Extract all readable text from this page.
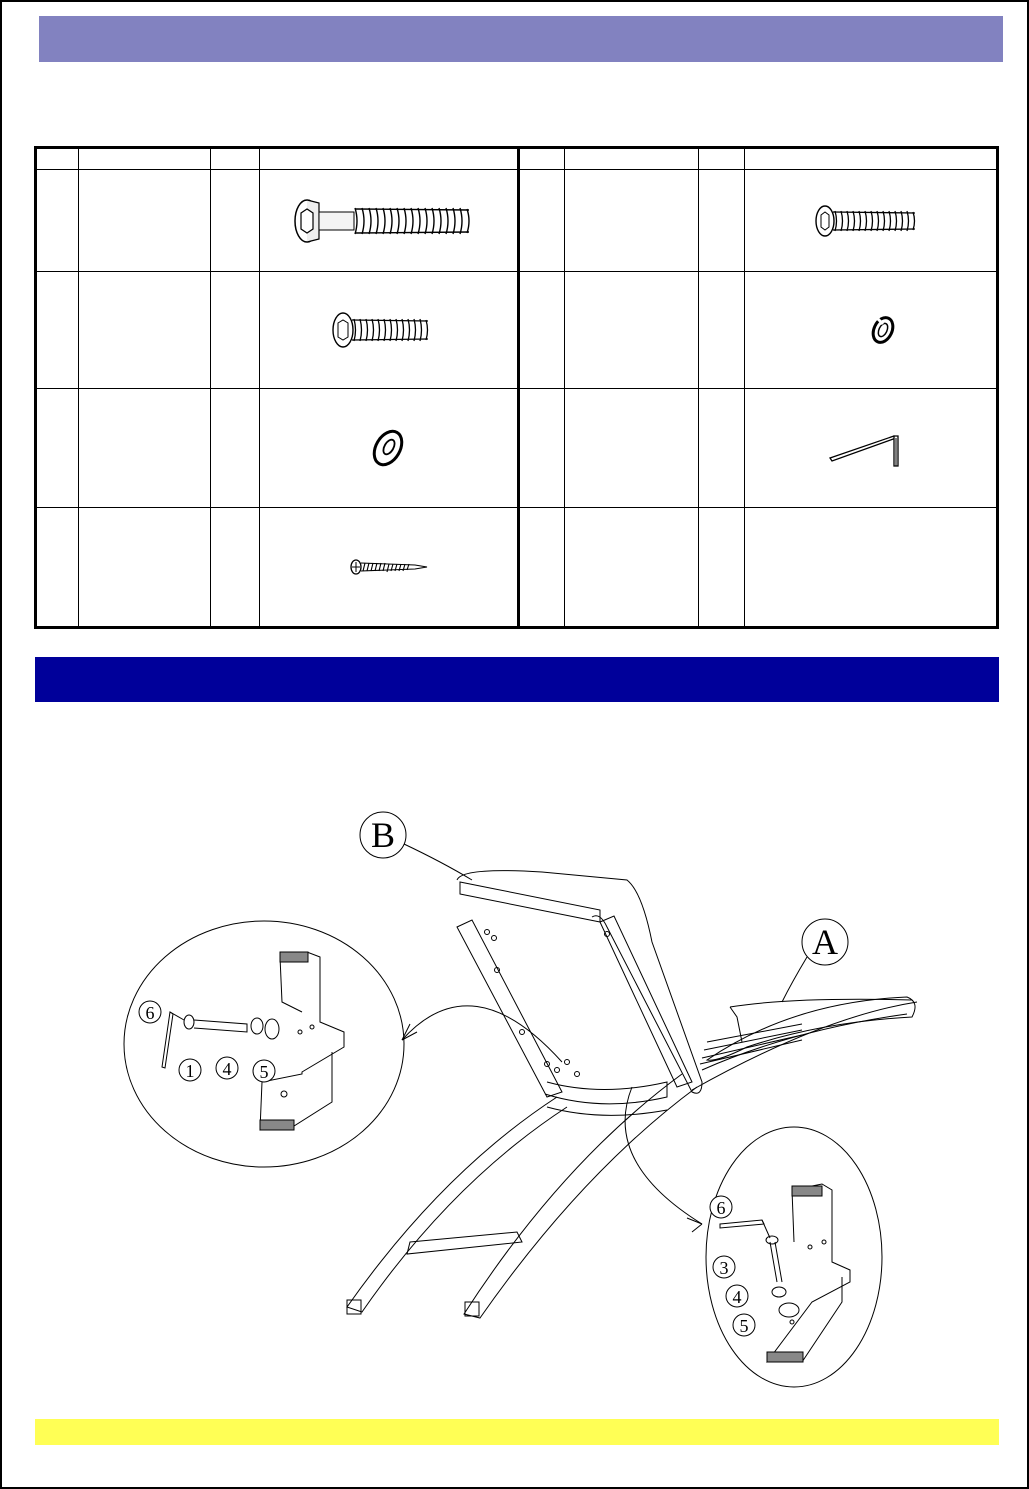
A
B
6
1 4 5
6
3
4
5
